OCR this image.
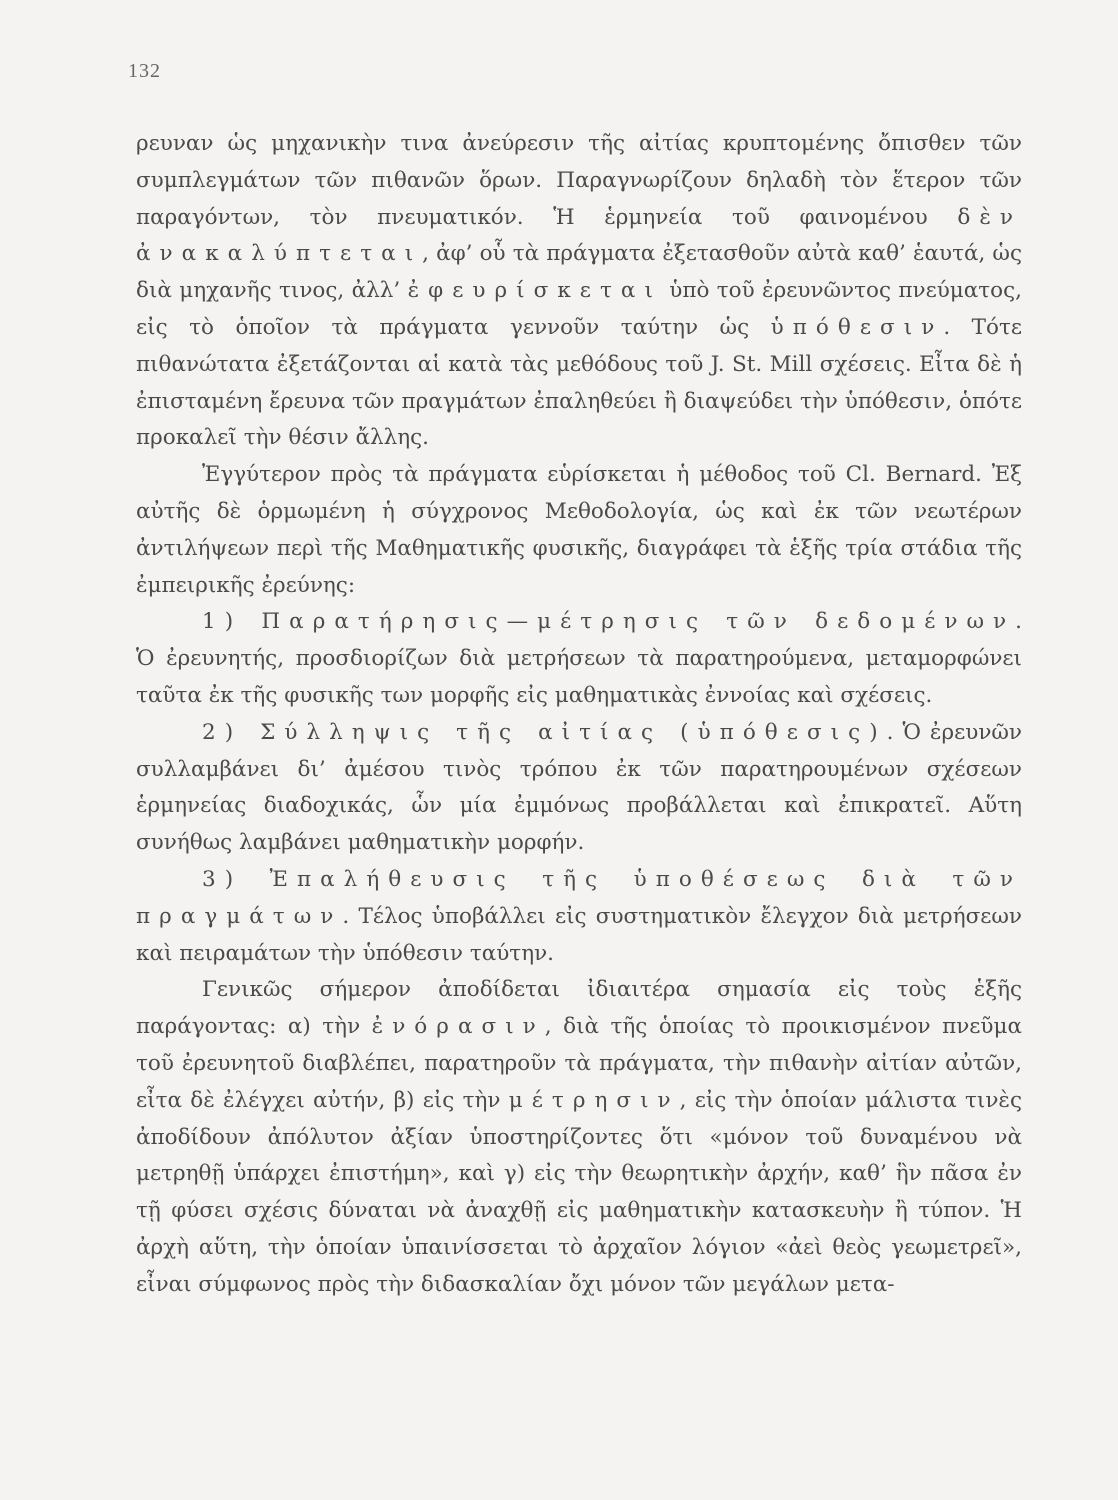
132

ρευναν ὡς μηχανικὴν τινα ἀνεύρεσιν τῆς αἰτίας κρυπτομένης ὄπισθεν τῶν συμπλεγμάτων τῶν πιθανῶν ὅρων. Παραγνωρίζουν δηλαδὴ τὸν ἕτερον τῶν παραγόντων, τὸν πνευματικόν. Ἡ ἑρμηνεία τοῦ φαινομένου δὲν ἀνακαλύπτεται, ἀφ’ οὗ τὰ πράγματα ἐξετασθοῦν αὐτὰ καθ’ ἑαυτά, ὡς διὰ μηχανῆς τινος, ἀλλ’ ἐφευρίσκεται ὑπὸ τοῦ ἐρευνῶντος πνεύματος, εἰς τὸ ὁποῖον τὰ πράγματα γεννοῦν ταύτην ὡς ὑπόθεσιν. Τότε πιθανώτατα ἐξετάζονται αἱ κατὰ τὰς μεθόδους τοῦ J. St. Mill σχέσεις. Εἶτα δὲ ἡ ἐπισταμένη ἔρευνα τῶν πραγμάτων ἐπαληθεύει ἢ διαψεύδει τὴν ὑπόθεσιν, ὁπότε προκαλεῖ τὴν θέσιν ἄλλης.

Ἐγγύτερον πρὸς τὰ πράγματα εὑρίσκεται ἡ μέθοδος τοῦ Cl. Bernard. Ἐξ αὐτῆς δὲ ὁρμωμένη ἡ σύγχρονος Μεθοδολογία, ὡς καὶ ἐκ τῶν νεωτέρων ἀντιλήψεων περὶ τῆς Μαθηματικῆς φυσικῆς, διαγράφει τὰ ἑξῆς τρία στάδια τῆς ἐμπειρικῆς ἐρεύνης:

1) Παρατήρησις—μέτρησις τῶν δεδομένων. Ὁ ἐρευνητής, προσδιορίζων διὰ μετρήσεων τὰ παρατηρούμενα, μεταμορφώνει ταῦτα ἐκ τῆς φυσικῆς των μορφῆς εἰς μαθηματικὰς ἐννοίας καὶ σχέσεις.

2) Σύλληψις τῆς αἰτίας (ὑπόθεσις). Ὁ ἐρευνῶν συλλαμβάνει δι’ ἀμέσου τινὸς τρόπου ἐκ τῶν παρατηρουμένων σχέσεων ἑρμηνείας διαδοχικάς, ὧν μία ἐμμόνως προβάλλεται καὶ ἐπικρατεῖ. Αὕτη συνήθως λαμβάνει μαθηματικὴν μορφήν.

3) Ἐπαλήθευσις τῆς ὑποθέσεως διὰ τῶν πραγμάτων. Τέλος ὑποβάλλει εἰς συστηματικὸν ἔλεγχον διὰ μετρήσεων καὶ πειραμάτων τὴν ὑπόθεσιν ταύτην.

Γενικῶς σήμερον ἀποδίδεται ἰδιαιτέρα σημασία εἰς τοὺς ἑξῆς παράγοντας: α) τὴν ἐνόρασιν, διὰ τῆς ὁποίας τὸ προικισμένον πνεῦμα τοῦ ἐρευνητοῦ διαβλέπει, παρατηροῦν τὰ πράγματα, τὴν πιθανὴν αἰτίαν αὐτῶν, εἶτα δὲ ἐλέγχει αὐτήν, β) εἰς τὴν μέτρησιν, εἰς τὴν ὁποίαν μάλιστα τινὲς ἀποδίδουν ἀπόλυτον ἀξίαν ὑποστηρίζοντες ὅτι «μόνον τοῦ δυναμένου νὰ μετρηθῇ ὑπάρχει ἐπιστήμη», καὶ γ) εἰς τὴν θεωρητικὴν ἀρχήν, καθ’ ἣν πᾶσα ἐν τῇ φύσει σχέσις δύναται νὰ ἀναχθῇ εἰς μαθηματικὴν κατασκευὴν ἢ τύπον. Ἡ ἀρχὴ αὕτη, τὴν ὁποίαν ὑπαινίσσεται τὸ ἀρχαῖον λόγιον «ἀεὶ θεὸς γεωμετρεῖ», εἶναι σύμφωνος πρὸς τὴν διδασκαλίαν ὄχι μόνον τῶν μεγάλων μετα-
